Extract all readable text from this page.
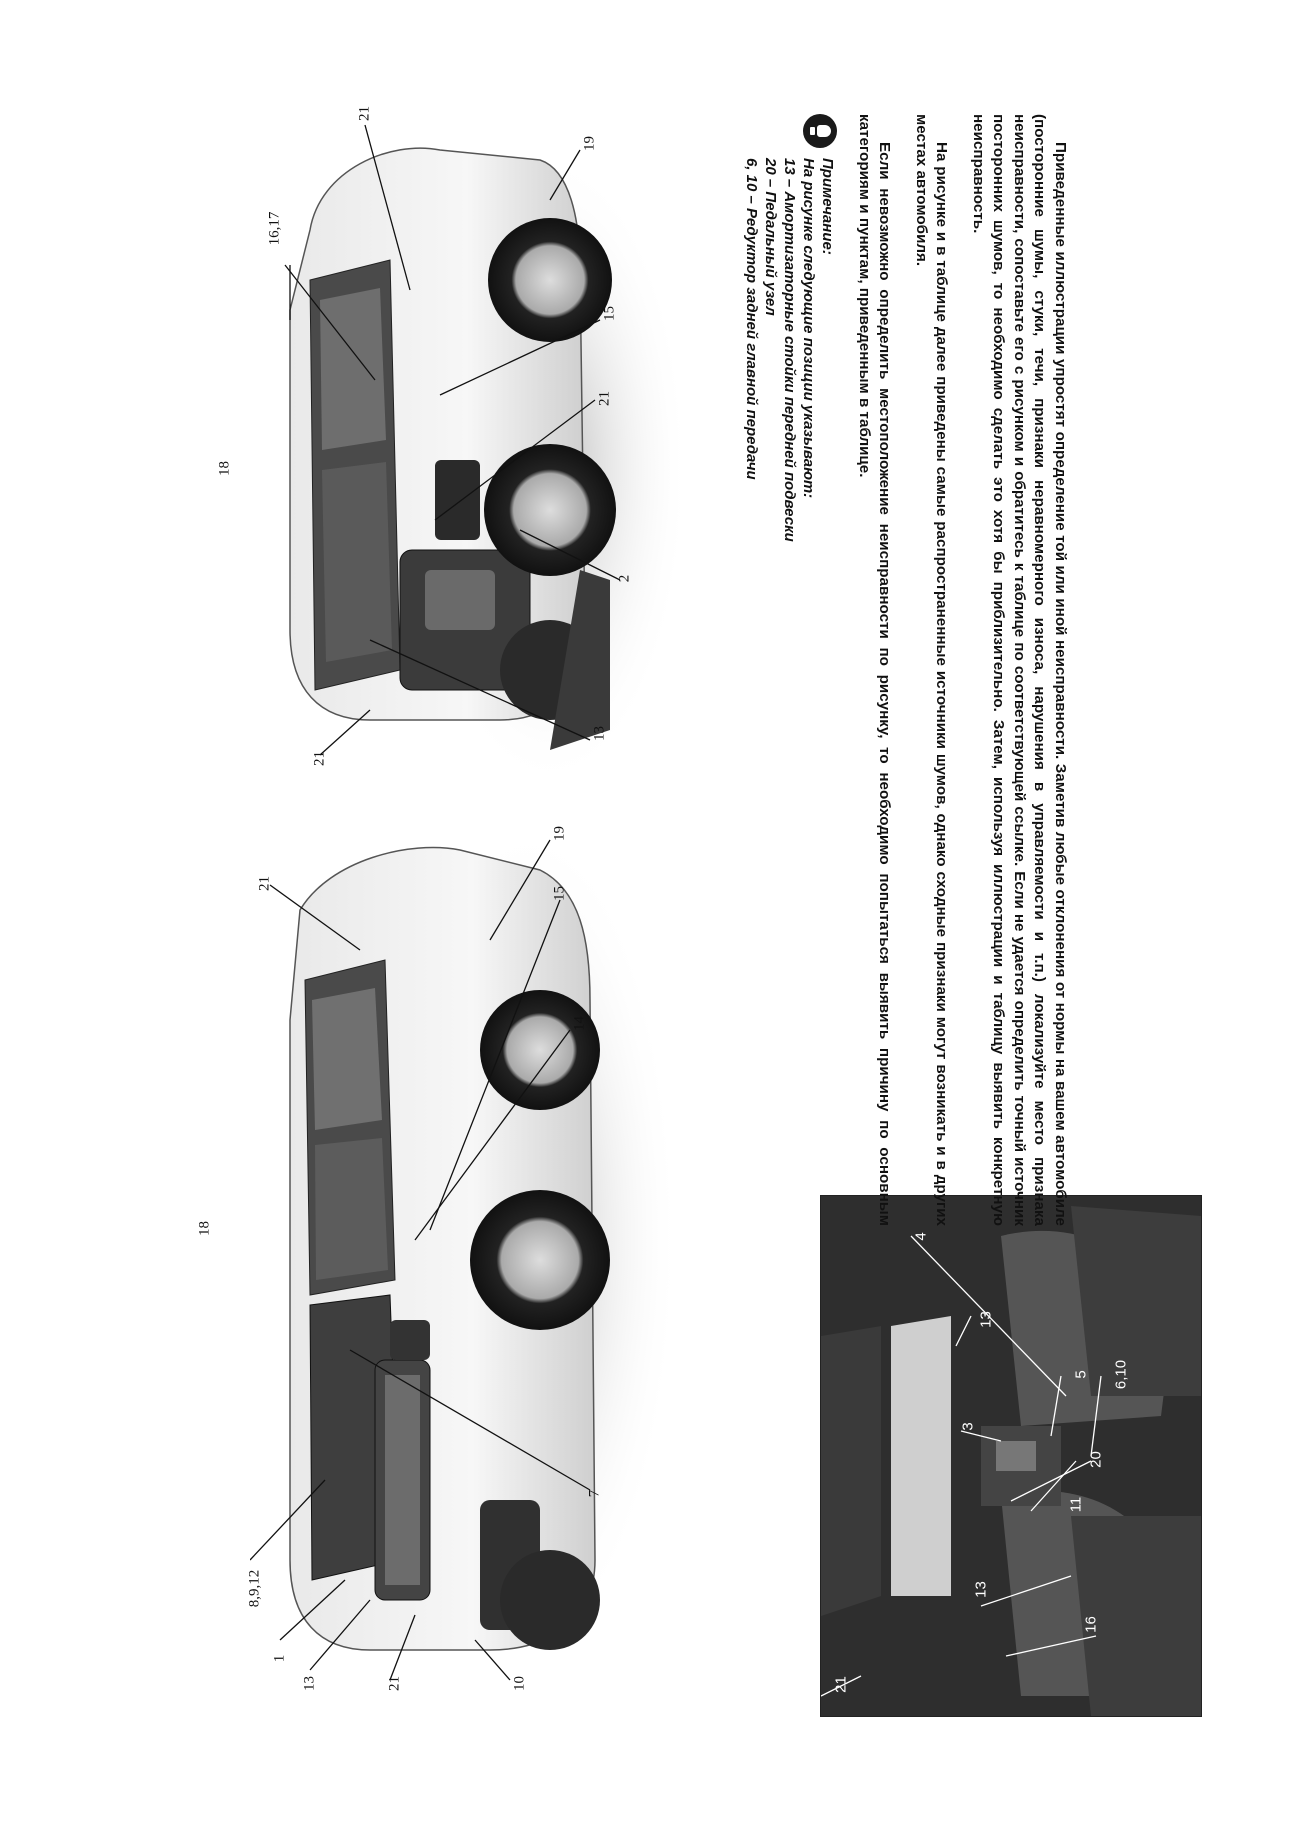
21
16,17
18
19
15
21
2
13
21
18
21
19
15
14
7
8,9,12
1
13	21	10
4
13
3
5 6,10
20
11
13
16
21

Приведенные иллюстрации упростят определение той или иной неисправности. Заметив любые отклонения от нормы на вашем автомобиле (посторонние шумы, стуки, течи, признаки неравномерного износа, нарушения в управляемости и т.п.) локализуйте место признака неисправности, сопоставьте его с рисунком и обратитесь к таблице по соответствующей ссылке. Если не удается определить точный источник посторонних шумов, то необходимо сделать это хотя бы приблизительно. Затем, используя иллюстрации и таблицу выявить конкретную неисправность.

На рисунке и в таблице далее приведены самые распространенные источники шумов, однако сходные признаки могут возникать и в других местах автомобиля.

Если невозможно определить местоположение неисправности по рисунку, то необходимо попытаться выявить причину по основным категориям и пунктам, приведенным в таблице.

Примечание:
На рисунке следующие позиции указывают:
13 – Амортизаторные стойки передней подвески
20 – Педальный узел
6, 10 – Редуктор задней главной передачи
